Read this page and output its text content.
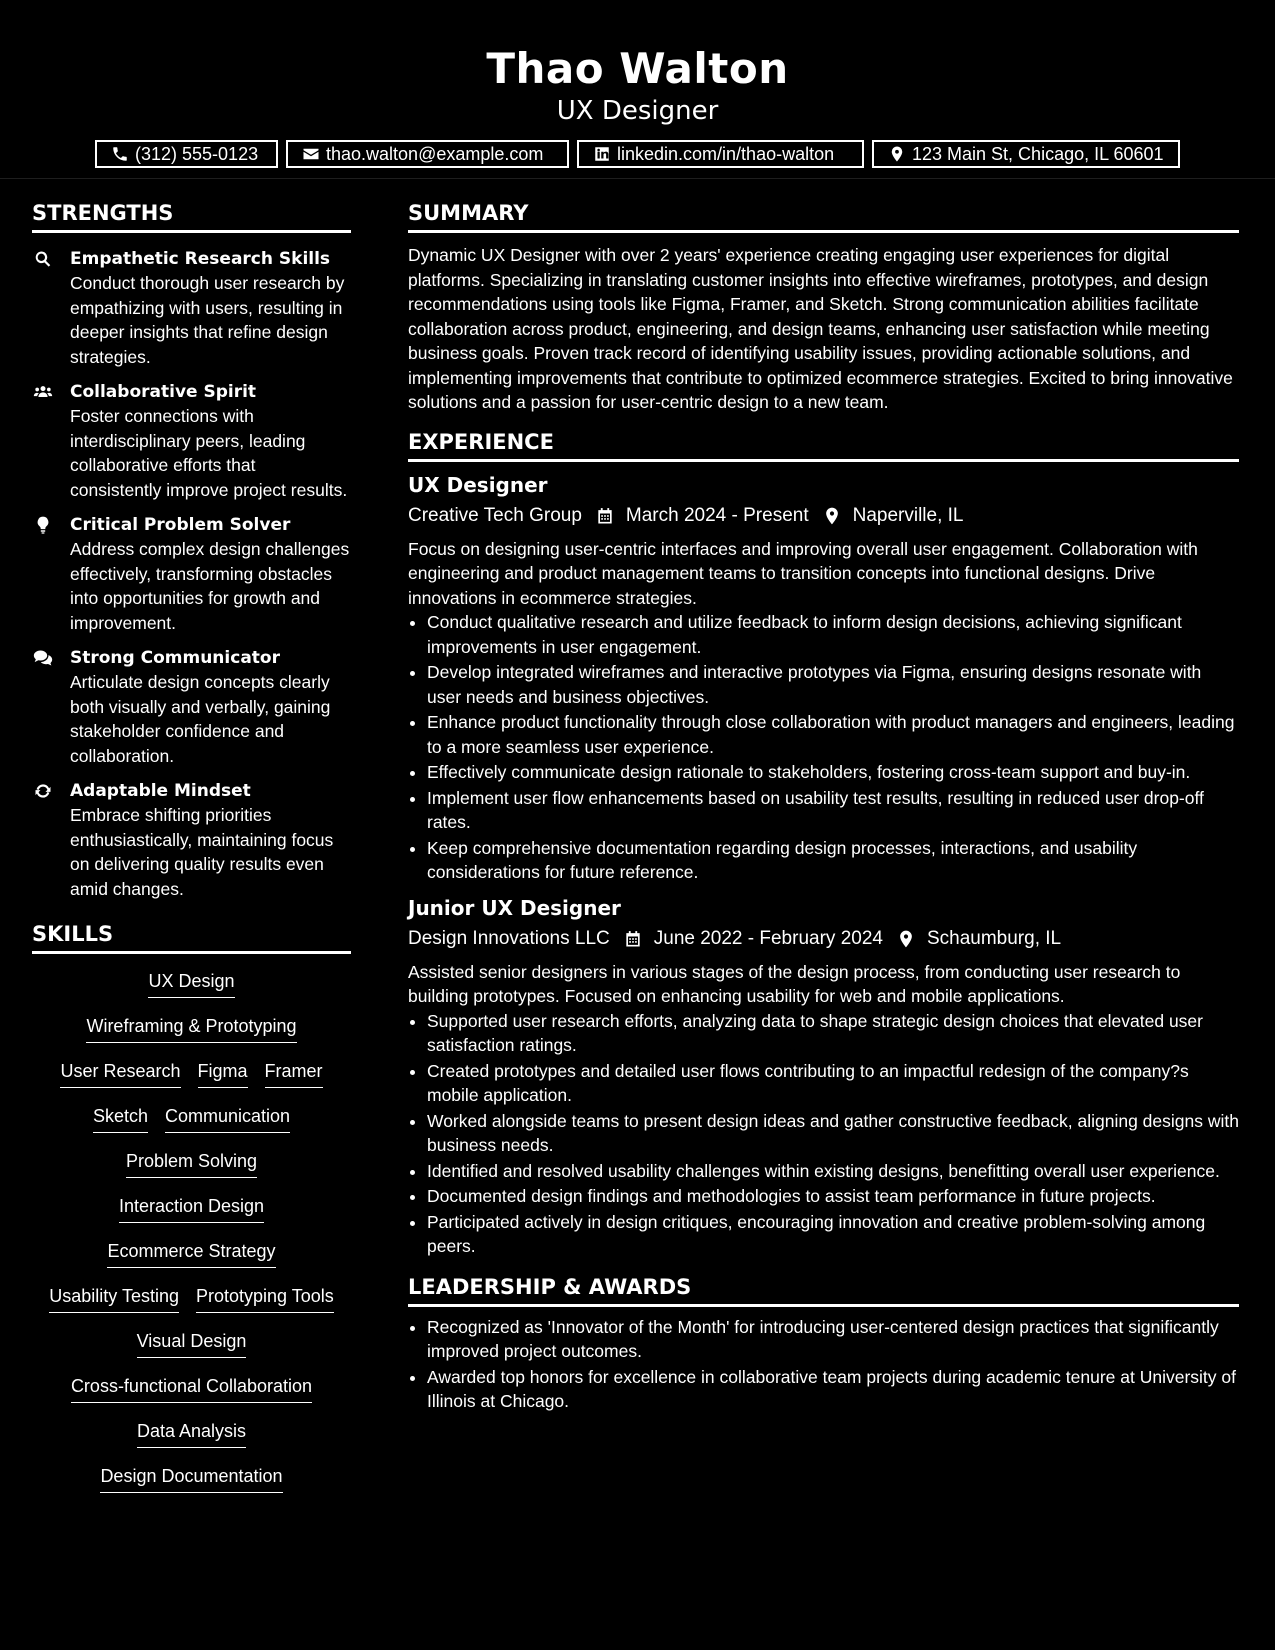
Thao Walton
UX Designer
(312) 555-0123	thao.walton@example.com	linkedin.com/in/thao-walton	123 Main St, Chicago, IL 60601
STRENGTHS
Empathetic Research Skills
Conduct thorough user research by empathizing with users, resulting in deeper insights that refine design strategies.
Collaborative Spirit
Foster connections with interdisciplinary peers, leading collaborative efforts that consistently improve project results.
Critical Problem Solver
Address complex design challenges effectively, transforming obstacles into opportunities for growth and improvement.
Strong Communicator
Articulate design concepts clearly both visually and verbally, gaining stakeholder confidence and collaboration.
Adaptable Mindset
Embrace shifting priorities enthusiastically, maintaining focus on delivering quality results even amid changes.
SKILLS
UX Design
Wireframing & Prototyping
User Research Figma Framer
Sketch Communication
Problem Solving
Interaction Design
Ecommerce Strategy
Usability Testing Prototyping Tools
Visual Design
Cross-functional Collaboration
Data Analysis
Design Documentation
SUMMARY
Dynamic UX Designer with over 2 years' experience creating engaging user experiences for digital platforms. Specializing in translating customer insights into effective wireframes, prototypes, and design recommendations using tools like Figma, Framer, and Sketch. Strong communication abilities facilitate collaboration across product, engineering, and design teams, enhancing user satisfaction while meeting business goals. Proven track record of identifying usability issues, providing actionable solutions, and implementing improvements that contribute to optimized ecommerce strategies. Excited to bring innovative solutions and a passion for user-centric design to a new team.
EXPERIENCE
UX Designer
Creative Tech Group March 2024 - Present Naperville, IL
Focus on designing user-centric interfaces and improving overall user engagement. Collaboration with engineering and product management teams to transition concepts into functional designs. Drive innovations in ecommerce strategies.
• Conduct qualitative research and utilize feedback to inform design decisions, achieving significant improvements in user engagement.
• Develop integrated wireframes and interactive prototypes via Figma, ensuring designs resonate with user needs and business objectives.
• Enhance product functionality through close collaboration with product managers and engineers, leading to a more seamless user experience.
• Effectively communicate design rationale to stakeholders, fostering cross-team support and buy-in.
• Implement user flow enhancements based on usability test results, resulting in reduced user drop-off rates.
• Keep comprehensive documentation regarding design processes, interactions, and usability considerations for future reference.
Junior UX Designer
Design Innovations LLC June 2022 - February 2024 Schaumburg, IL
Assisted senior designers in various stages of the design process, from conducting user research to building prototypes. Focused on enhancing usability for web and mobile applications.
• Supported user research efforts, analyzing data to shape strategic design choices that elevated user satisfaction ratings.
• Created prototypes and detailed user flows contributing to an impactful redesign of the company?s mobile application.
• Worked alongside teams to present design ideas and gather constructive feedback, aligning designs with business needs.
• Identified and resolved usability challenges within existing designs, benefitting overall user experience.
• Documented design findings and methodologies to assist team performance in future projects.
• Participated actively in design critiques, encouraging innovation and creative problem-solving among peers.
LEADERSHIP & AWARDS
• Recognized as 'Innovator of the Month' for introducing user-centered design practices that significantly improved project outcomes.
• Awarded top honors for excellence in collaborative team projects during academic tenure at University of Illinois at Chicago.
